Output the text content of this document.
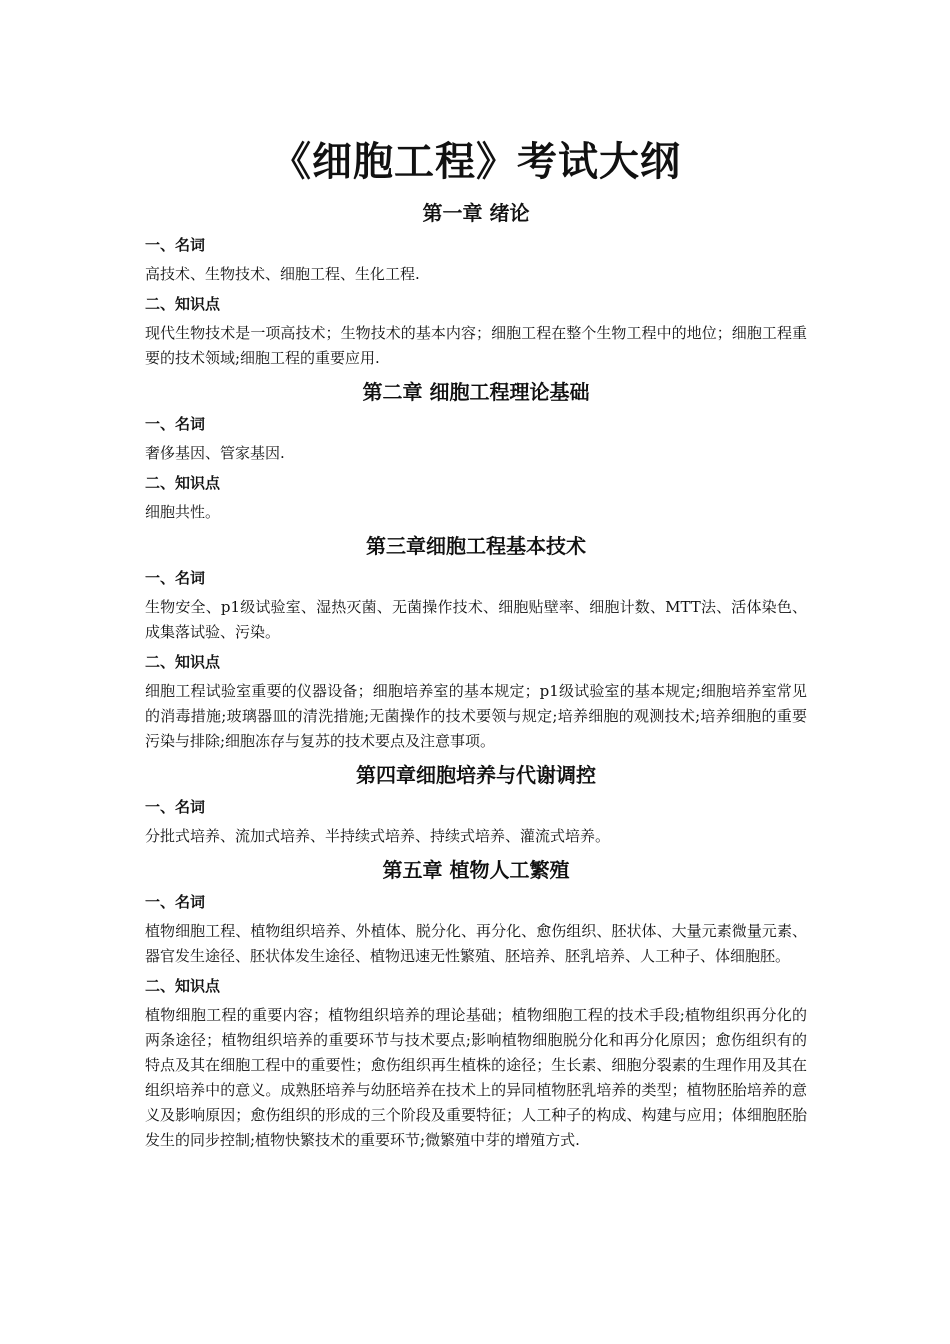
《细胞工程》考试大纲
第一章 绪论
一、名词
高技术、生物技术、细胞工程、生化工程.
二、知识点
现代生物技术是一项高技术；生物技术的基本内容；细胞工程在整个生物工程中的地位；细胞工程重要的技术领域;细胞工程的重要应用.
第二章 细胞工程理论基础
一、名词
奢侈基因、管家基因.
二、知识点
细胞共性。
第三章细胞工程基本技术
一、名词
生物安全、p1级试验室、湿热灭菌、无菌操作技术、细胞贴壁率、细胞计数、MTT法、活体染色、成集落试验、污染。
二、知识点
细胞工程试验室重要的仪器设备；细胞培养室的基本规定；p1级试验室的基本规定;细胞培养室常见的消毒措施;玻璃器皿的清洗措施;无菌操作的技术要领与规定;培养细胞的观测技术;培养细胞的重要污染与排除;细胞冻存与复苏的技术要点及注意事项。
第四章细胞培养与代谢调控
一、名词
分批式培养、流加式培养、半持续式培养、持续式培养、灌流式培养。
第五章 植物人工繁殖
一、名词
植物细胞工程、植物组织培养、外植体、脱分化、再分化、愈伤组织、胚状体、大量元素微量元素、器官发生途径、胚状体发生途径、植物迅速无性繁殖、胚培养、胚乳培养、人工种子、体细胞胚。
二、知识点
植物细胞工程的重要内容；植物组织培养的理论基础；植物细胞工程的技术手段;植物组织再分化的两条途径；植物组织培养的重要环节与技术要点;影响植物细胞脱分化和再分化原因；愈伤组织有的特点及其在细胞工程中的重要性；愈伤组织再生植株的途径；生长素、细胞分裂素的生理作用及其在组织培养中的意义。成熟胚培养与幼胚培养在技术上的异同植物胚乳培养的类型；植物胚胎培养的意义及影响原因；愈伤组织的形成的三个阶段及重要特征；人工种子的构成、构建与应用；体细胞胚胎发生的同步控制;植物快繁技术的重要环节;微繁殖中芽的增殖方式.
